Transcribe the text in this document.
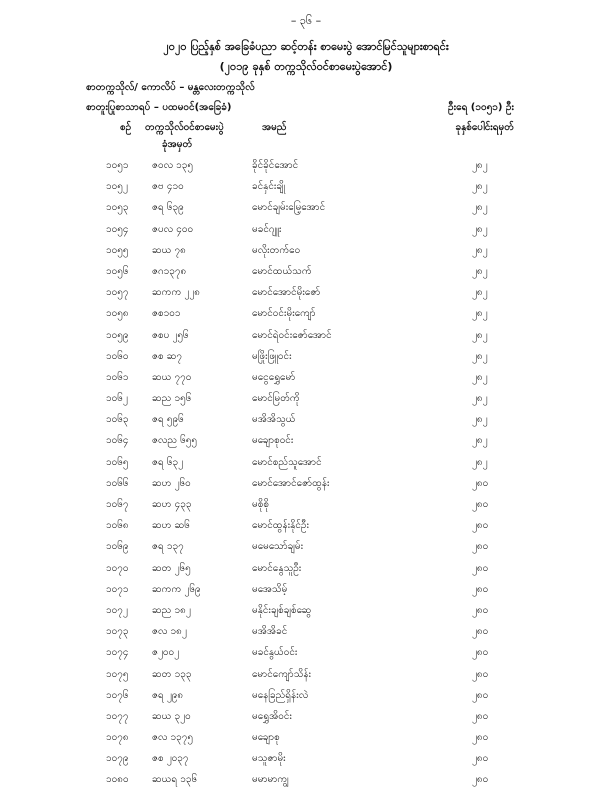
– ၃၆ –
၂၀၂၀ ပြည့်နှစ် အခြေခံပညာ ဆင့်တန်း စာမေးပွဲ အောင်မြင်သူများစာရင်း
(၂၀၁၉ ခုနှစ် တက္ကသိုလ်ဝင်စာမေးပွဲအောင်)
စာတက္ကသိုလ်/ ကောလိပ် – မန္တလေးတက္ကသိုလ်
စာတူးပြုစာသာရပ် – ပထမဝင်(အခြေခံ)	ဦးရေ (၁၀၅၁) ဦး
စဉ် တက္ကသိုလ်ဝင်စာမေးပွဲ
ခုံအမှတ်
အမည်	ခုနှစ်ပေါင်းရမှတ်
၁၀၅၁ ဇဝလ ၁၃၅	ခိုင်ခိုင်အောင်	၂၈၂
၁၀၅၂ ဇဗ ၄၁၀	ခင်နှင်းချို	၂၈၂
၁၀၅၃ ဇရ ၆၃၉	မောင်ချမ်းမြေ့အောင်	၂၈၂
၁၀၅၄ ဇပလ ၄၀၀	မခင်ဂျူး	၂၈၂
၁၀၅၅ ဆယ ၇၈	မလိုးတက်ဝေ	၂၈၂
၁၀၅၆ ဇဂ၁၃၇၈	မောင်ထယ်သက်	၂၈၂
၁၀၅၇ ဆကက ၂၂၈	မောင်အောင်မိုးဇော်	၂၈၂
၁၀၅၈ ဇစ၁၀၁	မောင်ဝင်းမိုးကျော်	၂၈၂
၁၀၅၉ ဇစပ ၂၅၆	မောင်ရဲဝင်းဇော်အောင်	၂၈၂
၁၀၆၀ ဇစ ဆ၇	မဖြိုးဖြူဝင်း	၂၈၂
၁၀၆၁ ဆယ ၇၇၀	မငွေရွှေမော်	၂၈၂
၁၀၆၂ ဆည ၁၅၆	မောင်မြတ်ကို	၂၈၂
၁၀၆၃ ဇရ ၅၉၆	မအိအိသွယ်	၂၈၂
၁၀၆၄ ဇလည ၆၅၅	မချောစုဝင်း	၂၈၂
၁၀၆၅ ဇရ ၆၃၂	မောင်စည်သူအောင်	၂၈၂
၁၀၆၆ ဆဟ ၂၆၀	မောင်အောင်ဇော်ထွန်း	၂၈၀
၁၀၆၇ ဆဟ ၄၃၃	မစိုစို	၂၈၀
၁၀၆၈ ဆဟ ဆ၆	မောင်ထွန်းနိုင်ဦး	၂၈၀
၁၀၆၉ ဇရ ၁၃၇	မမေသော်ချမ်း	၂၈၀
၁၀၇၀ ဆတ ၂၆၅	မောင်နွေသူဦး	၂၈၀
၁၀၇၁ ဆကက ၂၆၉	မအေသိမ့်	၂၈၀
၁၀၇၂ ဆည ၁၈၂	မနိုင်းချစ်ချစ်ဆွေ	၂၈၀
၁၀၇၃ ဇလ ၁၈၂	မအိအိခင်	၂၈၀
၁၀၇၄ ဇ၂၀၀၂	မခင်နွယ်ဝင်း	၂၈၀
၁၀၇၅ ဆတ ၁၃၃	မောင်ကျော်သိန်း	၂၈၀
၁၀၇၆ ဇရ ၂၉၈	မနေခြည်ရှိန်းလဲ	၂၈၀
၁၀၇၇ ဆယ ၃၂၀	မရွှေအိဝင်း	၂၈၀
၁၀၇၈ ဇလ ၁၃၇၅	မချောစု	၂၈၀
၁၀၇၉ ဇစ ၂၀၃၇	မသူဇာမိုး	၂၈၀
၁၀၈၀ ဆယရ ၁၃၆	မမာမာကျွ	၂၈၀
